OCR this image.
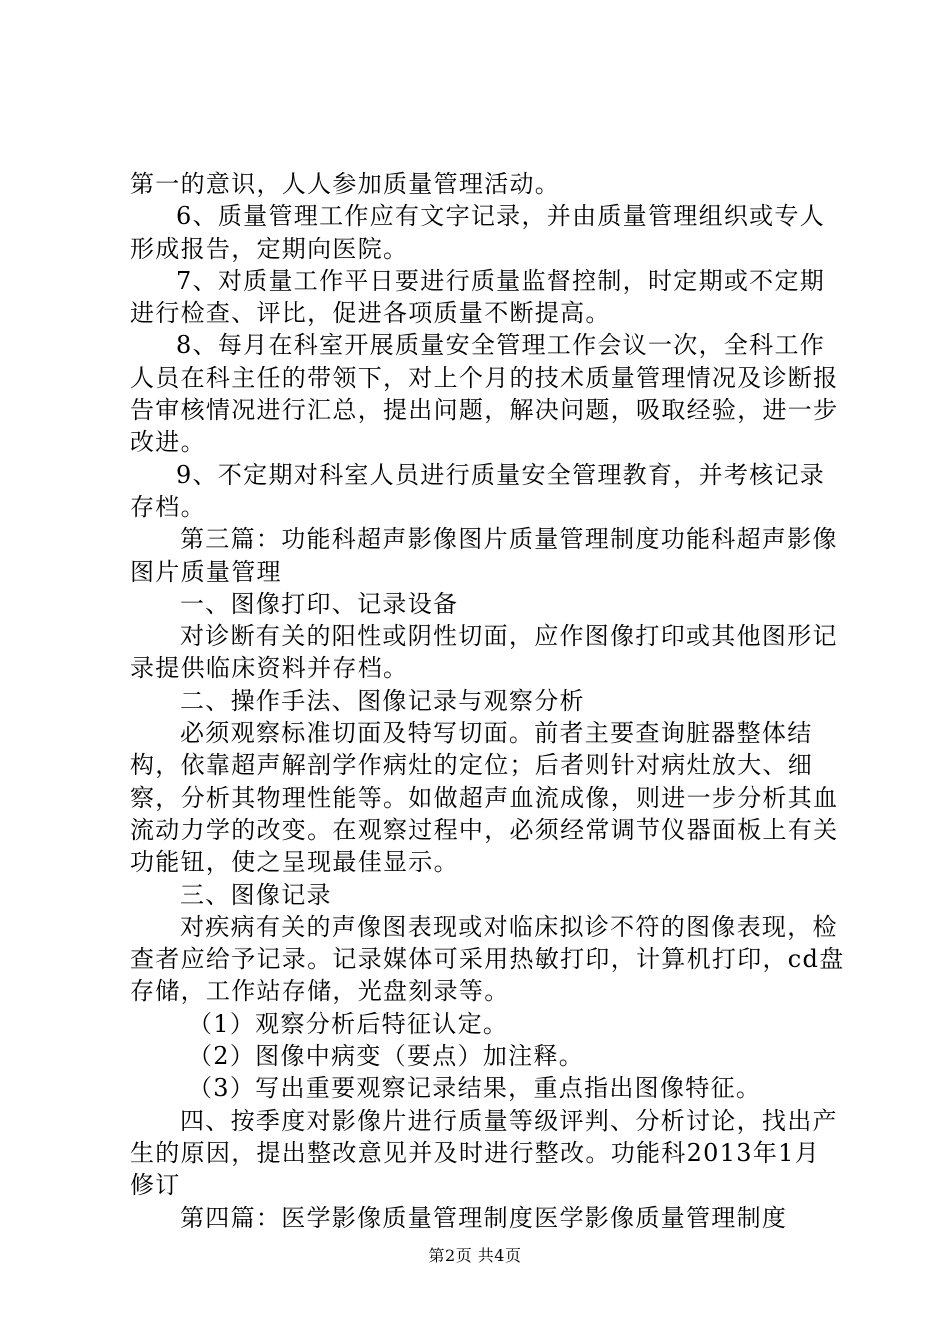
第一的意识，人人参加质量管理活动。

6、质量管理工作应有文字记录，并由质量管理组织或专人形成报告，定期向医院。

7、对质量工作平日要进行质量监督控制，时定期或不定期进行检查、评比，促进各项质量不断提高。

8、每月在科室开展质量安全管理工作会议一次，全科工作人员在科主任的带领下，对上个月的技术质量管理情况及诊断报告审核情况进行汇总，提出问题，解决问题，吸取经验，进一步改进。

9、不定期对科室人员进行质量安全管理教育，并考核记录存档。

第三篇：功能科超声影像图片质量管理制度功能科超声影像图片质量管理

一、图像打印、记录设备

对诊断有关的阳性或阴性切面，应作图像打印或其他图形记录提供临床资料并存档。

二、操作手法、图像记录与观察分析

必须观察标准切面及特写切面。前者主要查询脏器整体结构，依靠超声解剖学作病灶的定位；后者则针对病灶放大、细察，分析其物理性能等。如做超声血流成像，则进一步分析其血流动力学的改变。在观察过程中，必须经常调节仪器面板上有关功能钮，使之呈现最佳显示。

三、图像记录

对疾病有关的声像图表现或对临床拟诊不符的图像表现，检查者应给予记录。记录媒体可采用热敏打印，计算机打印，cd盘存储，工作站存储，光盘刻录等。

（1）观察分析后特征认定。

（2）图像中病变（要点）加注释。

（3）写出重要观察记录结果，重点指出图像特征。

四、按季度对影像片进行质量等级评判、分析讨论，找出产生的原因，提出整改意见并及时进行整改。功能科2013年1月修订

第四篇：医学影像质量管理制度医学影像质量管理制度

第2页 共4页
